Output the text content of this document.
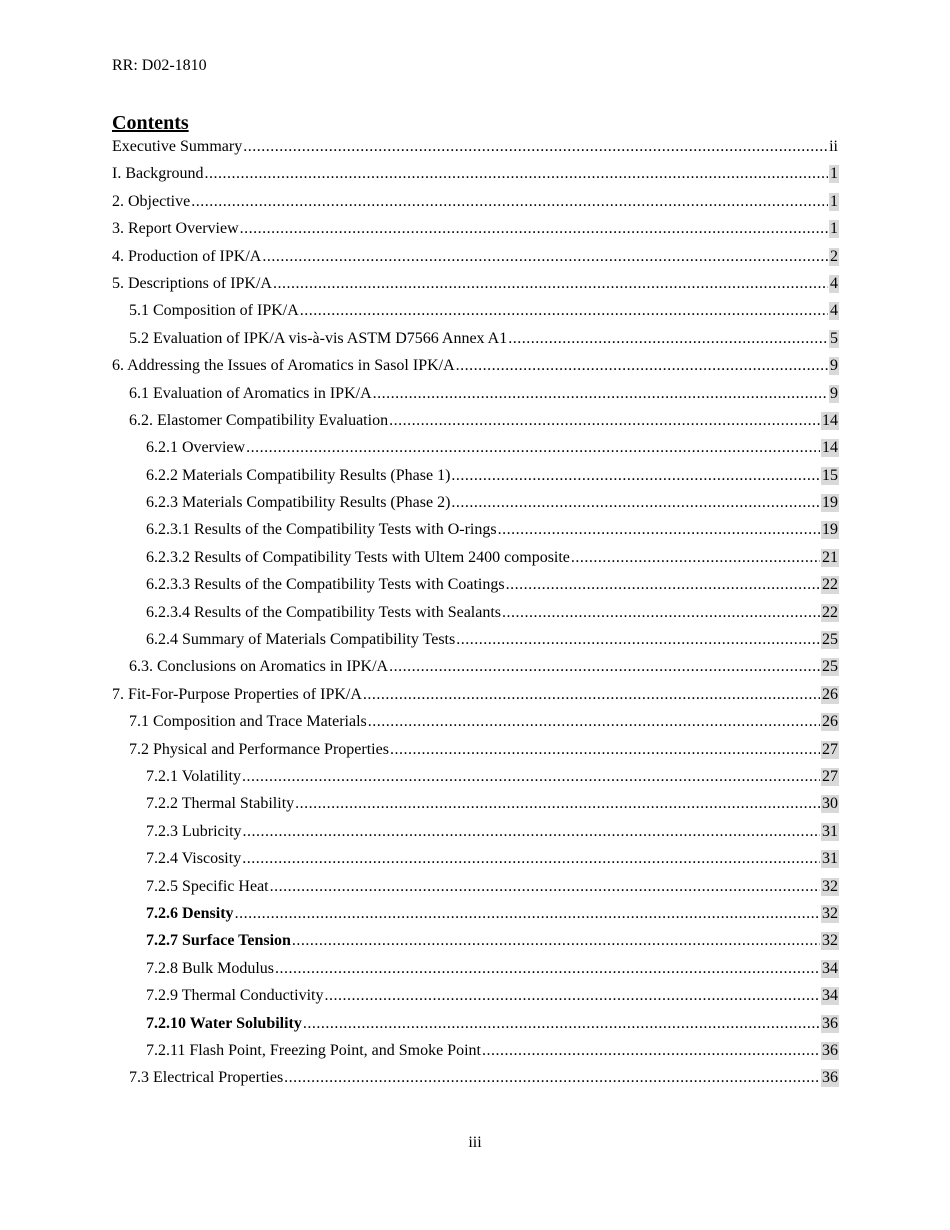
RR: D02-1810
Contents
Executive Summary .....	ii
I. Background .....	1
2. Objective .....	1
3. Report Overview .....	1
4. Production of IPK/A .....	2
5. Descriptions of IPK/A .....	4
5.1 Composition of IPK/A .....	4
5.2 Evaluation of IPK/A vis-à-vis ASTM D7566 Annex A1 .....	5
6. Addressing the Issues of Aromatics in Sasol IPK/A .....	9
6.1 Evaluation of Aromatics in IPK/A .....	9
6.2. Elastomer Compatibility Evaluation .....	14
6.2.1 Overview .....	14
6.2.2 Materials Compatibility Results (Phase 1) .....	15
6.2.3 Materials Compatibility Results (Phase 2) .....	19
6.2.3.1 Results of the Compatibility Tests with O-rings .....	19
6.2.3.2 Results of Compatibility Tests with Ultem 2400 composite .....	21
6.2.3.3 Results of the Compatibility Tests with Coatings .....	22
6.2.3.4 Results of the Compatibility Tests with Sealants .....	22
6.2.4 Summary of Materials Compatibility Tests .....	25
6.3. Conclusions on Aromatics in IPK/A .....	25
7. Fit-For-Purpose Properties of IPK/A .....	26
7.1 Composition and Trace Materials .....	26
7.2 Physical and Performance Properties .....	27
7.2.1 Volatility .....	27
7.2.2 Thermal Stability .....	30
7.2.3 Lubricity .....	31
7.2.4 Viscosity .....	31
7.2.5 Specific Heat .....	32
7.2.6 Density .....	32
7.2.7 Surface Tension .....	32
7.2.8 Bulk Modulus .....	34
7.2.9 Thermal Conductivity .....	34
7.2.10 Water Solubility .....	36
7.2.11 Flash Point, Freezing Point, and Smoke Point .....	36
7.3 Electrical Properties .....	36
iii
